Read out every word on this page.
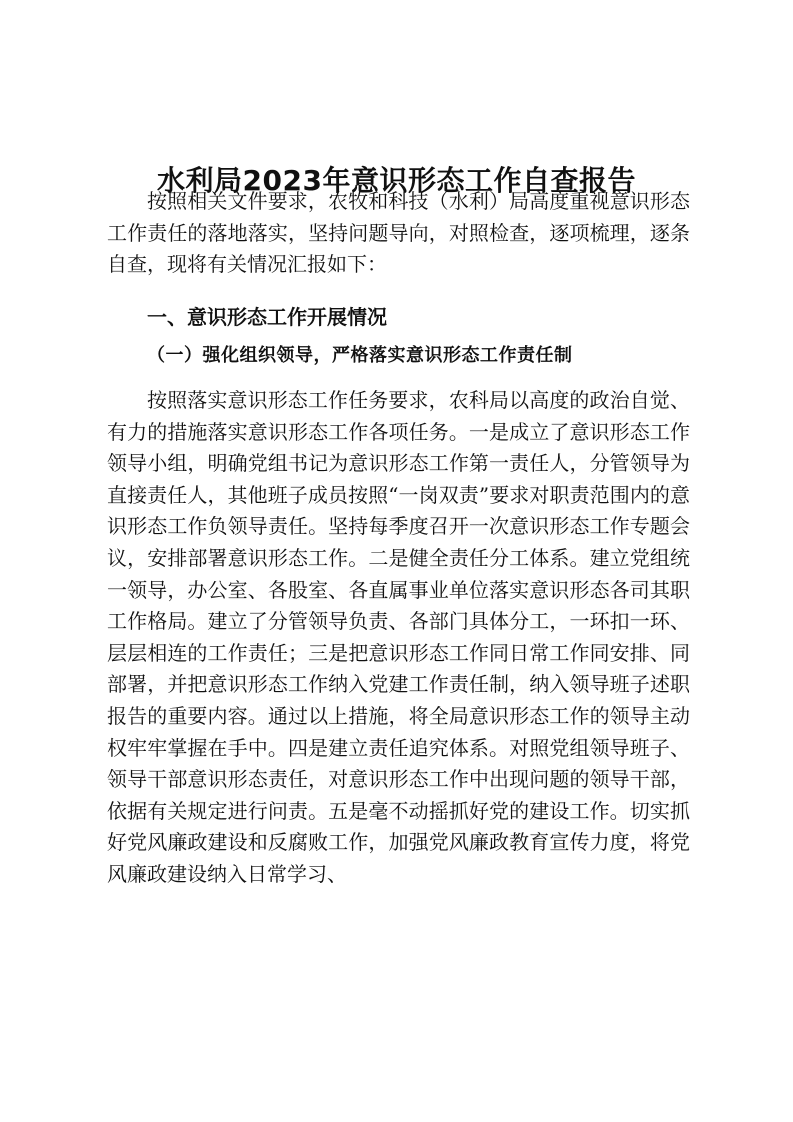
水利局2023年意识形态工作自查报告

按照相关文件要求，农牧和科技（水利）局高度重视意识形态工作责任的落地落实，坚持问题导向，对照检查，逐项梳理，逐条自查，现将有关情况汇报如下：

一、意识形态工作开展情况
（一）强化组织领导，严格落实意识形态工作责任制

按照落实意识形态工作任务要求，农科局以高度的政治自觉、有力的措施落实意识形态工作各项任务。一是成立了意识形态工作领导小组，明确党组书记为意识形态工作第一责任人，分管领导为直接责任人，其他班子成员按照“一岗双责”要求对职责范围内的意识形态工作负领导责任。坚持每季度召开一次意识形态工作专题会议，安排部署意识形态工作。二是健全责任分工体系。建立党组统一领导，办公室、各股室、各直属事业单位落实意识形态各司其职工作格局。建立了分管领导负责、各部门具体分工，一环扣一环、层层相连的工作责任；三是把意识形态工作同日常工作同安排、同部署，并把意识形态工作纳入党建工作责任制，纳入领导班子述职报告的重要内容。通过以上措施，将全局意识形态工作的领导主动权牢牢掌握在手中。四是建立责任追究体系。对照党组领导班子、领导干部意识形态责任，对意识形态工作中出现问题的领导干部，依据有关规定进行问责。五是毫不动摇抓好党的建设工作。切实抓好党风廉政建设和反腐败工作，加强党风廉政教育宣传力度，将党风廉政建设纳入日常学习、
